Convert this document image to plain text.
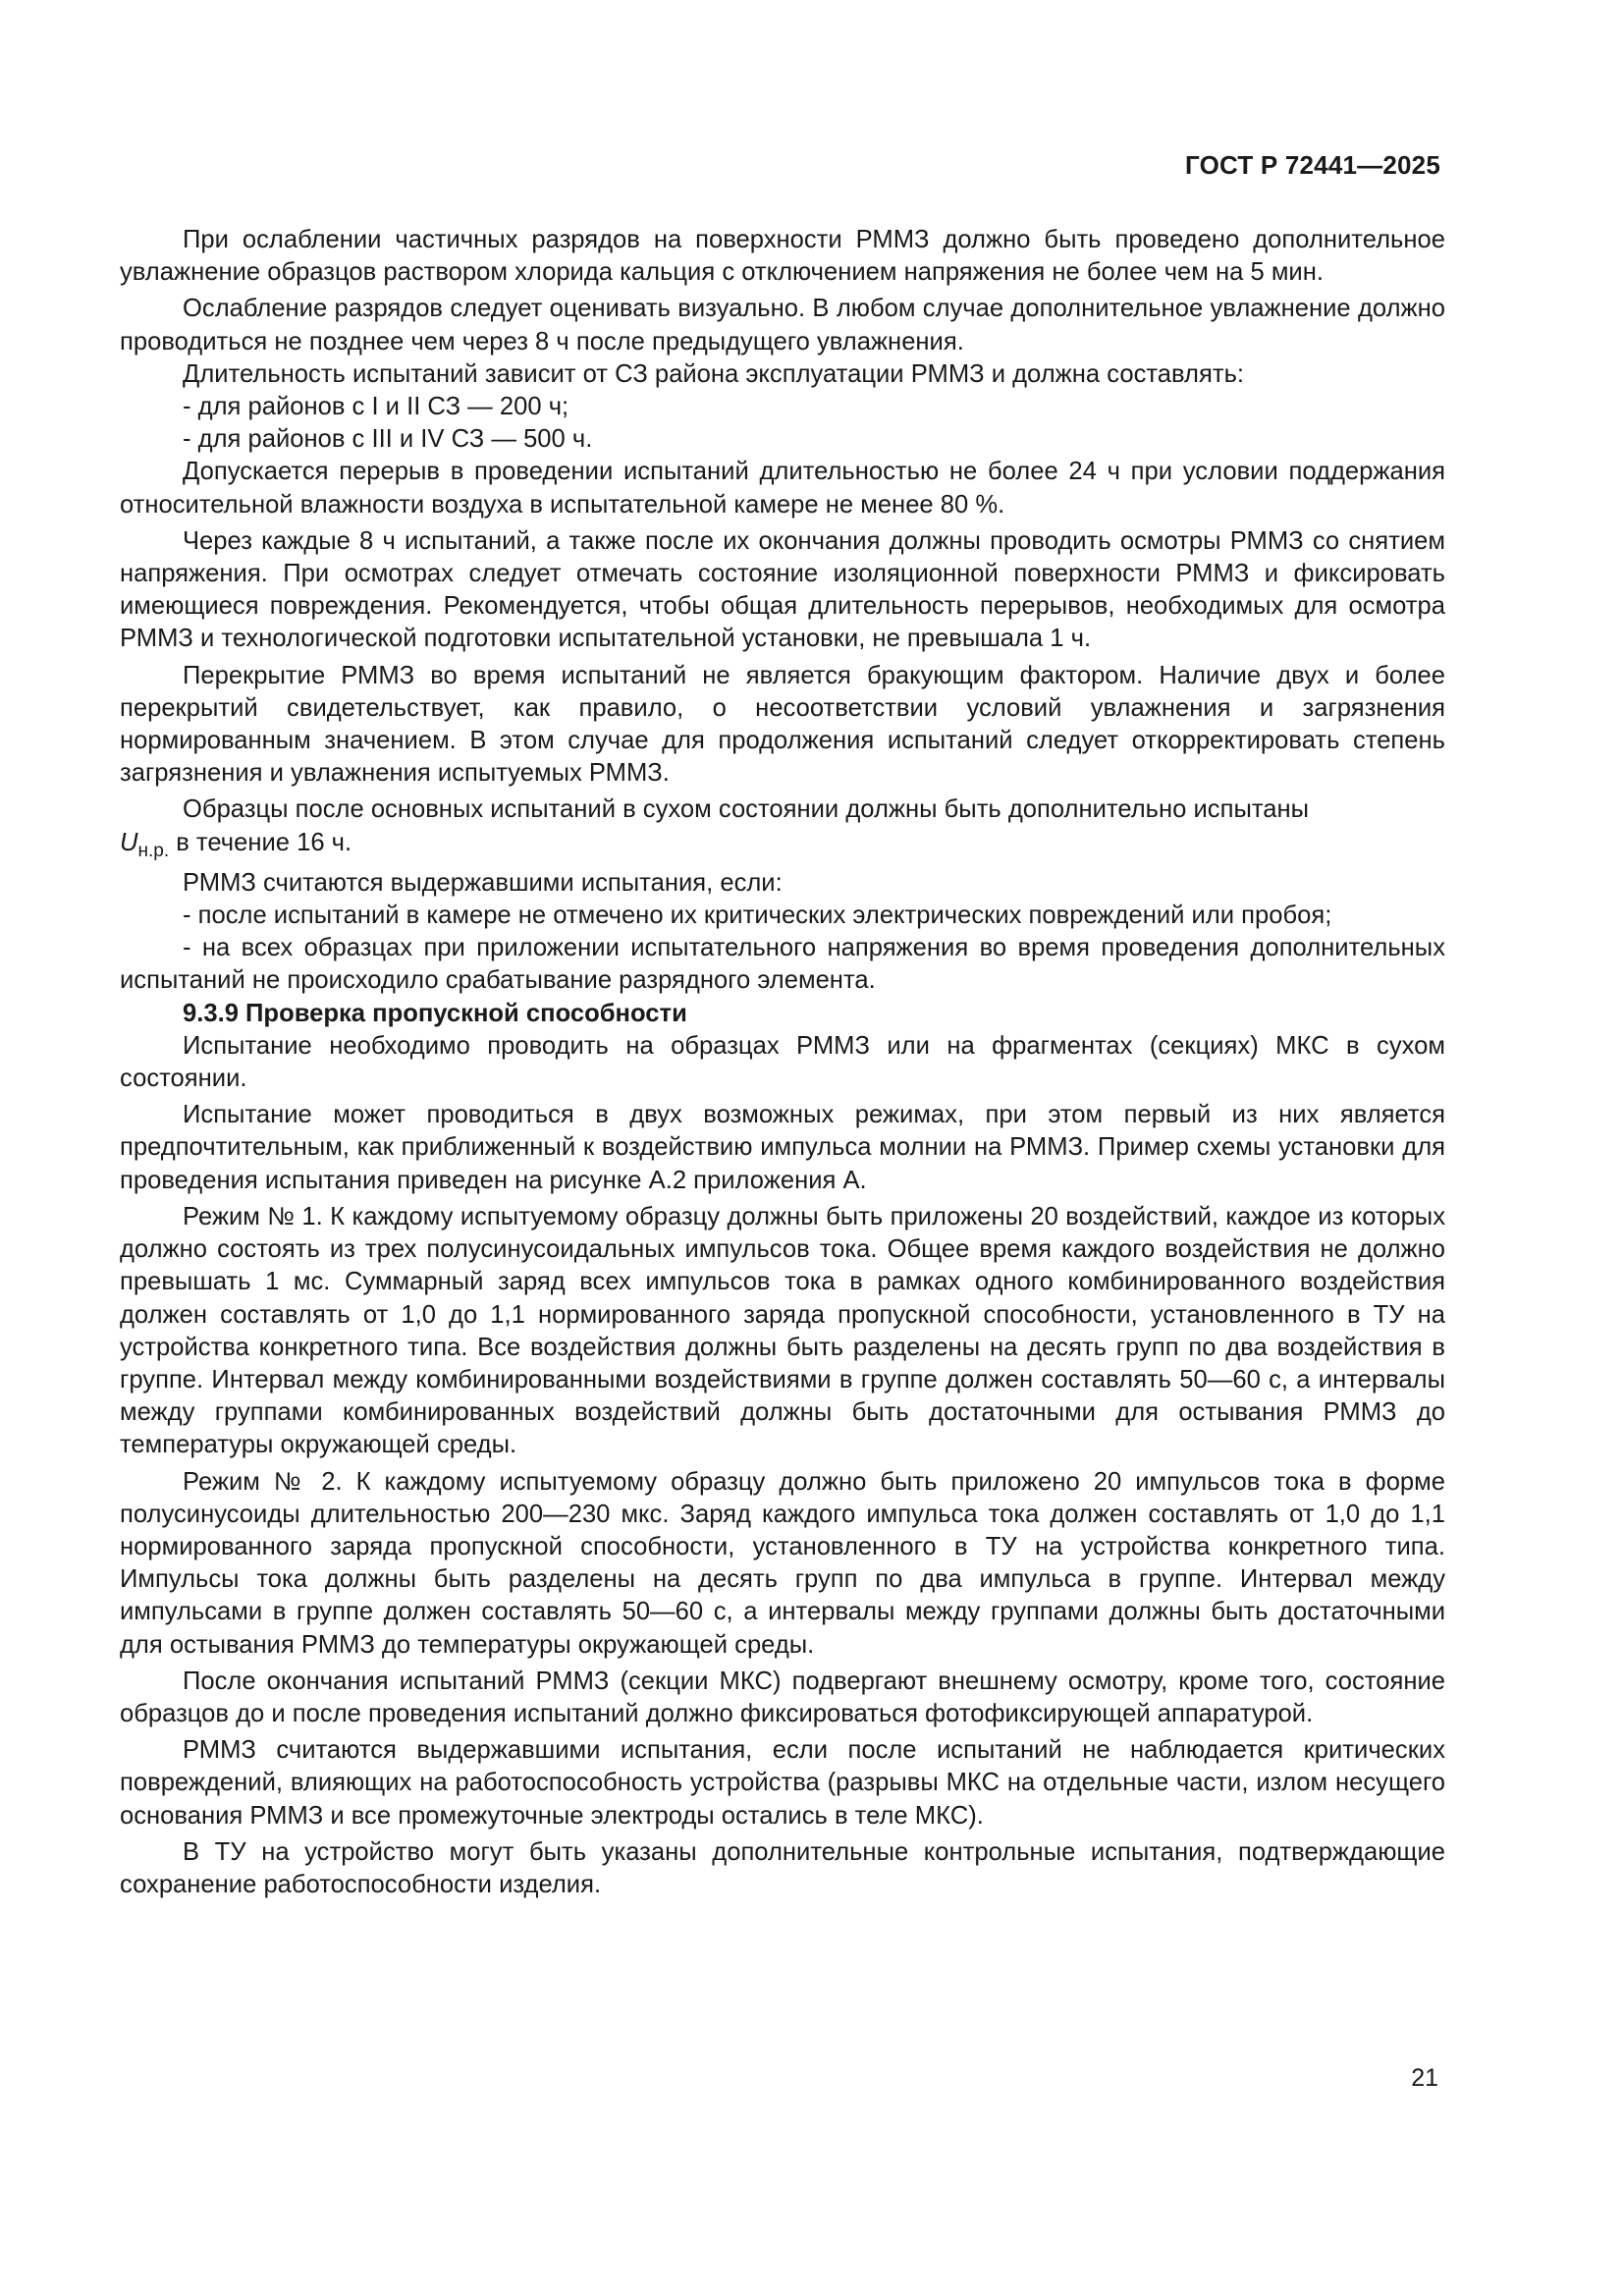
ГОСТ Р 72441—2025

При ослаблении частичных разрядов на поверхности РММЗ должно быть проведено дополнительное увлажнение образцов раствором хлорида кальция с отключением напряжения не более чем на 5 мин.

Ослабление разрядов следует оценивать визуально. В любом случае дополнительное увлажнение должно проводиться не позднее чем через 8 ч после предыдущего увлажнения.

Длительность испытаний зависит от СЗ района эксплуатации РММЗ и должна составлять:

- для районов с I и II СЗ — 200 ч;

- для районов с III и IV СЗ — 500 ч.

Допускается перерыв в проведении испытаний длительностью не более 24 ч при условии поддержания относительной влажности воздуха в испытательной камере не менее 80 %.

Через каждые 8 ч испытаний, а также после их окончания должны проводить осмотры РММЗ со снятием напряжения. При осмотрах следует отмечать состояние изоляционной поверхности РММЗ и фиксировать имеющиеся повреждения. Рекомендуется, чтобы общая длительность перерывов, необходимых для осмотра РММЗ и технологической подготовки испытательной установки, не превышала 1 ч.

Перекрытие РММЗ во время испытаний не является бракующим фактором. Наличие двух и более перекрытий свидетельствует, как правило, о несоответствии условий увлажнения и загрязнения нормированным значением. В этом случае для продолжения испытаний следует откорректировать степень загрязнения и увлажнения испытуемых РММЗ.

Образцы после основных испытаний в сухом состоянии должны быть дополнительно испытаны
$U_{н.р.}$ в течение 16 ч.

РММЗ считаются выдержавшими испытания, если:

- после испытаний в камере не отмечено их критических электрических повреждений или пробоя;

- на всех образцах при приложении испытательного напряжения во время проведения дополнительных испытаний не происходило срабатывание разрядного элемента.

9.3.9 Проверка пропускной способности

Испытание необходимо проводить на образцах РММЗ или на фрагментах (секциях) МКС в сухом состоянии.

Испытание может проводиться в двух возможных режимах, при этом первый из них является предпочтительным, как приближенный к воздействию импульса молнии на РММЗ. Пример схемы установки для проведения испытания приведен на рисунке А.2 приложения А.

Режим № 1. К каждому испытуемому образцу должны быть приложены 20 воздействий, каждое из которых должно состоять из трех полусинусоидальных импульсов тока. Общее время каждого воздействия не должно превышать 1 мс. Суммарный заряд всех импульсов тока в рамках одного комбинированного воздействия должен составлять от 1,0 до 1,1 нормированного заряда пропускной способности, установленного в ТУ на устройства конкретного типа. Все воздействия должны быть разделены на десять групп по два воздействия в группе. Интервал между комбинированными воздействиями в группе должен составлять 50—60 с, а интервалы между группами комбинированных воздействий должны быть достаточными для остывания РММЗ до температуры окружающей среды.

Режим № 2. К каждому испытуемому образцу должно быть приложено 20 импульсов тока в форме полусинусоиды длительностью 200—230 мкс. Заряд каждого импульса тока должен составлять от 1,0 до 1,1 нормированного заряда пропускной способности, установленного в ТУ на устройства конкретного типа. Импульсы тока должны быть разделены на десять групп по два импульса в группе. Интервал между импульсами в группе должен составлять 50—60 с, а интервалы между группами должны быть достаточными для остывания РММЗ до температуры окружающей среды.

После окончания испытаний РММЗ (секции МКС) подвергают внешнему осмотру, кроме того, состояние образцов до и после проведения испытаний должно фиксироваться фотофиксирующей аппаратурой.

РММЗ считаются выдержавшими испытания, если после испытаний не наблюдается критических повреждений, влияющих на работоспособность устройства (разрывы МКС на отдельные части, излом несущего основания РММЗ и все промежуточные электроды остались в теле МКС).

В ТУ на устройство могут быть указаны дополнительные контрольные испытания, подтверждающие сохранение работоспособности изделия.

21
